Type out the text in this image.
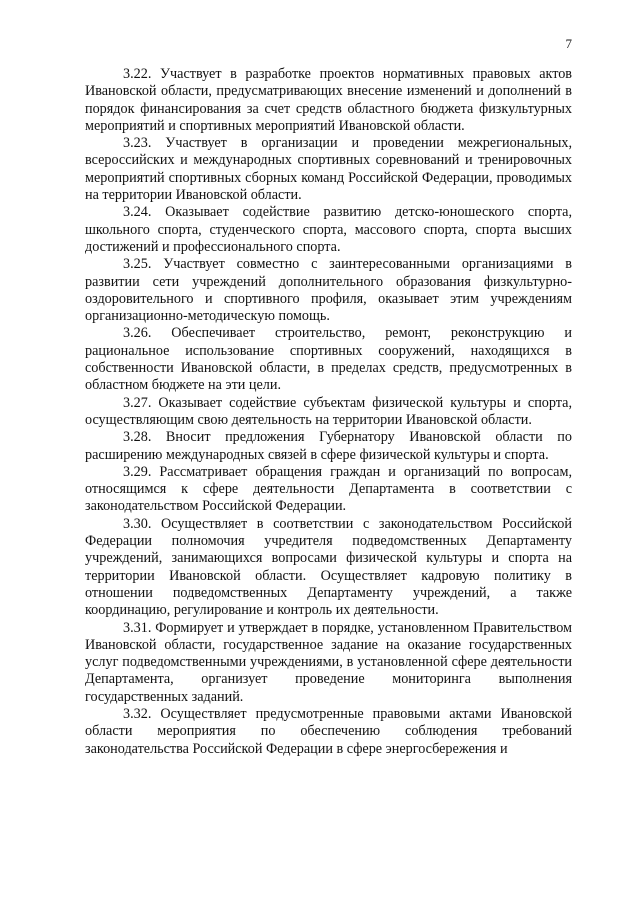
7

3.22. Участвует в разработке проектов нормативных правовых актов Ивановской области, предусматривающих внесение изменений и дополнений в порядок финансирования за счет средств областного бюджета физкультурных мероприятий и спортивных мероприятий Ивановской области.

3.23. Участвует в организации и проведении межрегиональных, всероссийских и международных спортивных соревнований и тренировочных мероприятий спортивных сборных команд Российской Федерации, проводимых на территории Ивановской области.

3.24. Оказывает содействие развитию детско-юношеского спорта, школьного спорта, студенческого спорта, массового спорта, спорта высших достижений и профессионального спорта.

3.25. Участвует совместно с заинтересованными организациями в развитии сети учреждений дополнительного образования физкультурно-оздоровительного и спортивного профиля, оказывает этим учреждениям организационно-методическую помощь.

3.26. Обеспечивает строительство, ремонт, реконструкцию и рациональное использование спортивных сооружений, находящихся в собственности Ивановской области, в пределах средств, предусмотренных в областном бюджете на эти цели.

3.27. Оказывает содействие субъектам физической культуры и спорта, осуществляющим свою деятельность на территории Ивановской области.

3.28. Вносит предложения Губернатору Ивановской области по расширению международных связей в сфере физической культуры и спорта.

3.29. Рассматривает обращения граждан и организаций по вопросам, относящимся к сфере деятельности Департамента в соответствии с законодательством Российской Федерации.

3.30. Осуществляет в соответствии с законодательством Российской Федерации полномочия учредителя подведомственных Департаменту учреждений, занимающихся вопросами физической культуры и спорта на территории Ивановской области. Осуществляет кадровую политику в отношении подведомственных Департаменту учреждений, а также координацию, регулирование и контроль их деятельности.

3.31. Формирует и утверждает в порядке, установленном Правительством Ивановской области, государственное задание на оказание государственных услуг подведомственными учреждениями, в установленной сфере деятельности Департамента, организует проведение мониторинга выполнения государственных заданий.

3.32. Осуществляет предусмотренные правовыми актами Ивановской области мероприятия по обеспечению соблюдения требований законодательства Российской Федерации в сфере энергосбережения и
